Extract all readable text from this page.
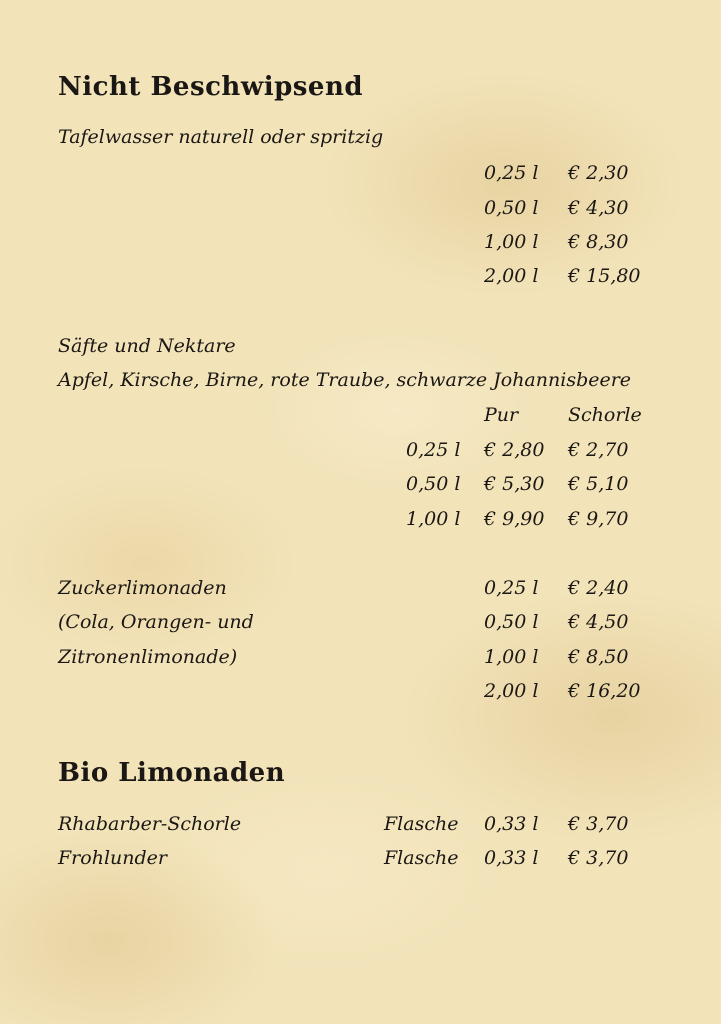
Nicht Beschwipsend
Tafelwasser naturell oder spritzig
0,25 l € 2,30
0,50 l € 4,30
1,00 l € 8,30
2,00 l € 15,80
Säfte und Nektare
Apfel, Kirsche, Birne, rote Traube, schwarze Johannisbeere
Pur	Schorle
0,25 l € 2,80 € 2,70
0,50 l € 5,30 € 5,10
1,00 l € 9,90 € 9,70
Zuckerlimonaden
(Cola, Orangen- und
Zitronenlimonade)
0,25 l € 2,40
0,50 l € 4,50
1,00 l € 8,50
2,00 l € 16,20
Bio Limonaden
Rhabarber-Schorle	Flasche 0,33 l € 3,70
Frohlunder	Flasche 0,33 l € 3,70
